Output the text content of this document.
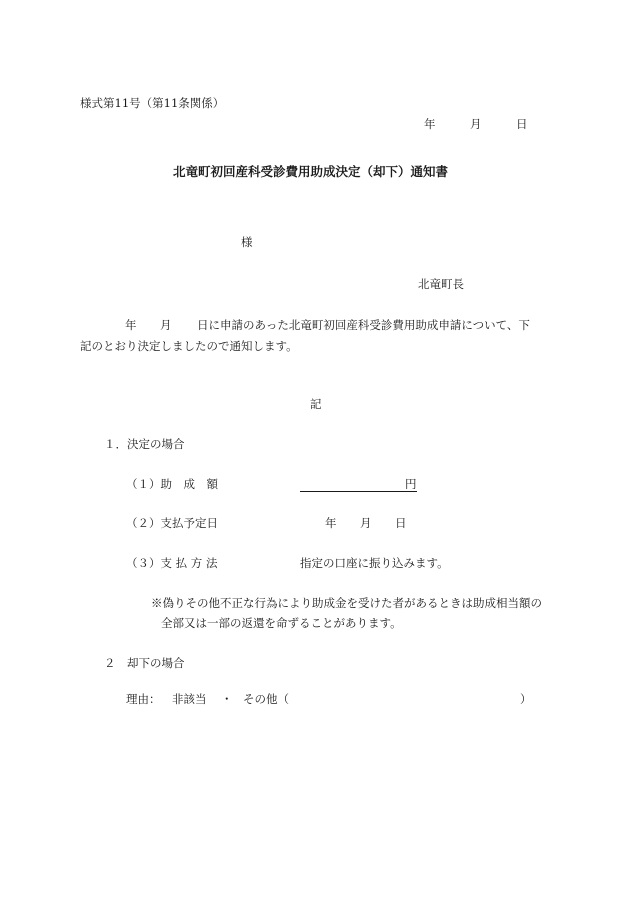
様式第11号（第11条関係）
年	月	日
北竜町初回産科受診費用助成決定（却下）通知書
様
北竜町長
年 月 日に申請のあった北竜町初回産科受診費用助成申請について、下
記のとおり決定しましたので通知します。
記
１．決定の場合
（１）助　成　額	円
（２）支払予定日	年 月 日
（３）支 払 方 法	指定の口座に振り込みます。
※偽りその他不正な行為により助成金を受けた者があるときは助成相当額の
全部又は一部の返還を命ずることがあります。
２　却下の場合
理由： 非該当 ・ その他（	）
